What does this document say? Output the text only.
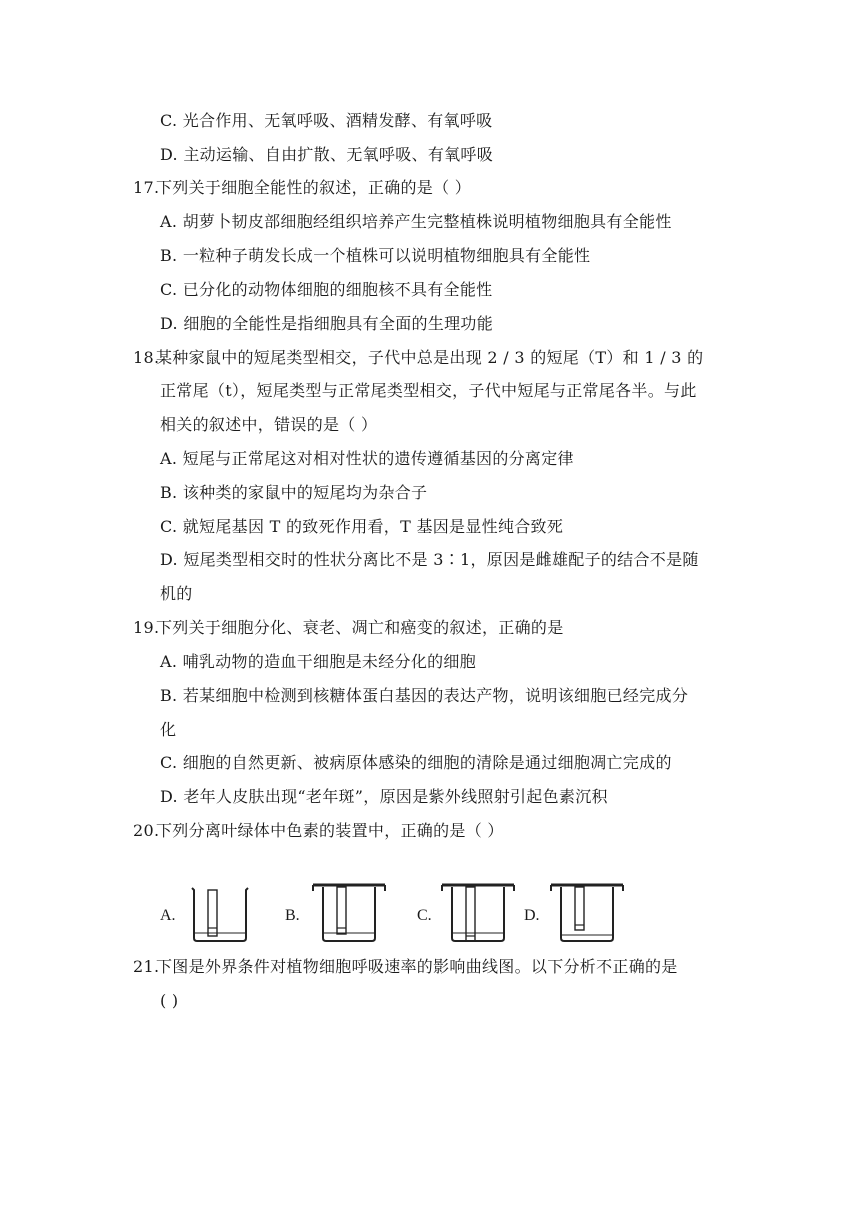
C. 光合作用、无氧呼吸、酒精发酵、有氧呼吸
D. 主动运输、自由扩散、无氧呼吸、有氧呼吸
17.下列关于细胞全能性的叙述，正确的是（ ）
A. 胡萝卜韧皮部细胞经组织培养产生完整植株说明植物细胞具有全能性
B. 一粒种子萌发长成一个植株可以说明植物细胞具有全能性
C. 已分化的动物体细胞的细胞核不具有全能性
D. 细胞的全能性是指细胞具有全面的生理功能
18.某种家鼠中的短尾类型相交，子代中总是出现 2 / 3 的短尾（T）和 1 / 3 的
正常尾（t），短尾类型与正常尾类型相交，子代中短尾与正常尾各半。与此
相关的叙述中，错误的是（ ）
A. 短尾与正常尾这对相对性状的遗传遵循基因的分离定律
B. 该种类的家鼠中的短尾均为杂合子
C. 就短尾基因 T 的致死作用看，T 基因是显性纯合致死
D. 短尾类型相交时的性状分离比不是 3∶1，原因是雌雄配子的结合不是随
机的
19.下列关于细胞分化、衰老、凋亡和癌变的叙述，正确的是
A. 哺乳动物的造血干细胞是未经分化的细胞
B. 若某细胞中检测到核糖体蛋白基因的表达产物，说明该细胞已经完成分
化
C. 细胞的自然更新、被病原体感染的细胞的清除是通过细胞凋亡完成的
D. 老年人皮肤出现“老年斑”，原因是紫外线照射引起色素沉积
20.下列分离叶绿体中色素的装置中，正确的是（ ）
A.	B.	C.	D.
21.下图是外界条件对植物细胞呼吸速率的影响曲线图。以下分析不正确的是
( )
